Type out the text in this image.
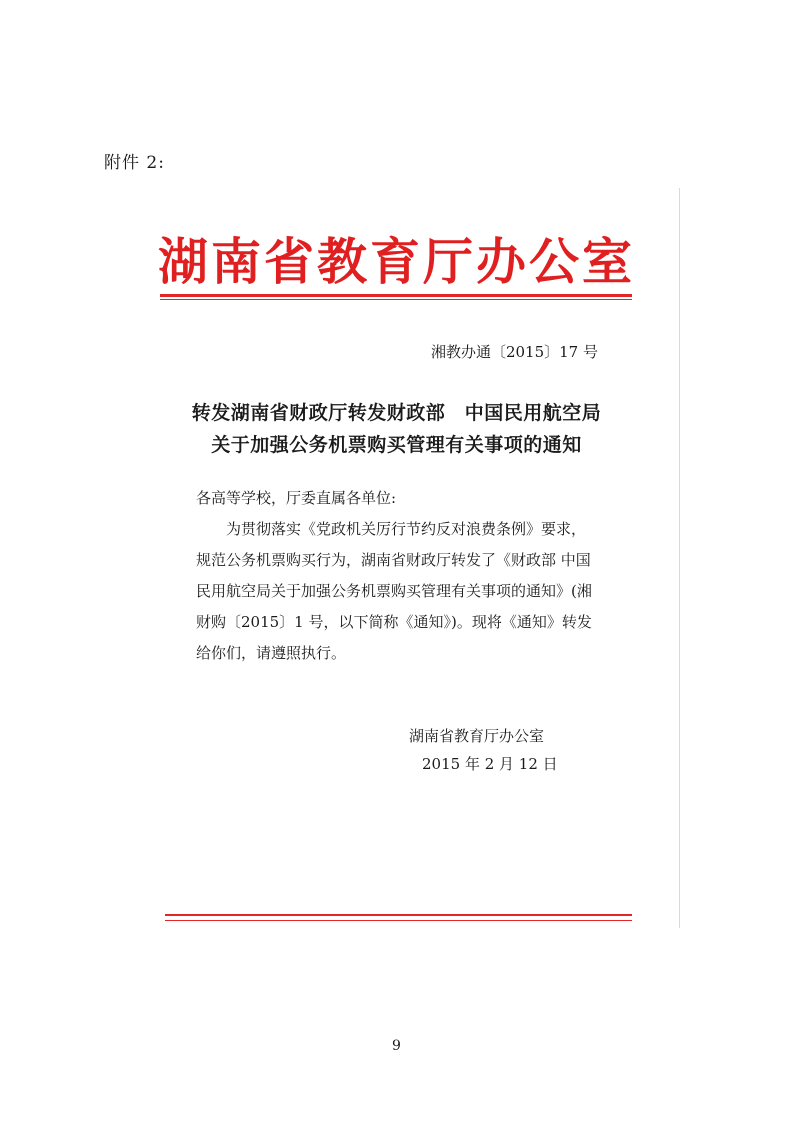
附件 2:
湖南省教育厅办公室
湘教办通〔2015〕17 号
转发湖南省财政厅转发财政部　中国民用航空局
关于加强公务机票购买管理有关事项的通知
各高等学校，厅委直属各单位:
　　为贯彻落实《党政机关厉行节约反对浪费条例》要求，
规范公务机票购买行为，湖南省财政厅转发了《财政部 中国
民用航空局关于加强公务机票购买管理有关事项的通知》(湘
财购〔2015〕1 号，以下简称《通知》)。现将《通知》转发
给你们，请遵照执行。
湖南省教育厅办公室
2015 年 2 月 12 日
9
